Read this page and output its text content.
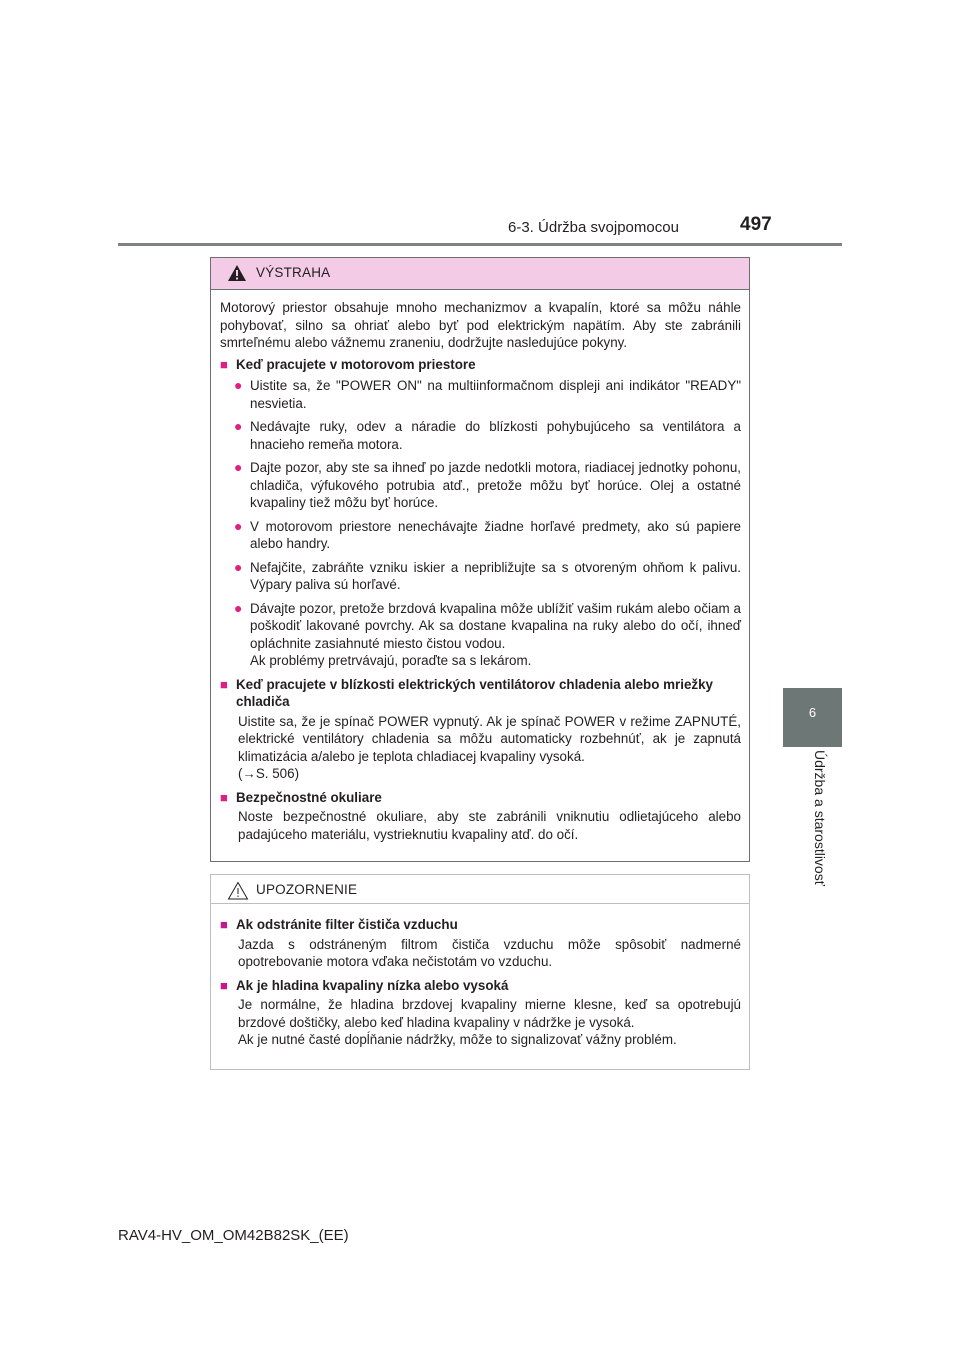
6-3. Údržba svojpomocou	497
6
Údržba a starostlivosť
VÝSTRAHA

Motorový priestor obsahuje mnoho mechanizmov a kvapalín, ktoré sa môžu náhle pohybovať, silno sa ohriať alebo byť pod elektrickým napätím. Aby ste zabránili smrteľnému alebo vážnemu zraneniu, dodržujte nasledujúce pokyny.

■ Keď pracujete v motorovom priestore
● Uistite sa, že "POWER ON" na multiinformačnom displeji ani indikátor "READY" nesvietia.
● Nedávajte ruky, odev a náradie do blízkosti pohybujúceho sa ventilátora a hnacieho remeňa motora.
● Dajte pozor, aby ste sa ihneď po jazde nedotkli motora, riadiacej jednotky pohonu, chladiča, výfukového potrubia atď., pretože môžu byť horúce. Olej a ostatné kvapaliny tiež môžu byť horúce.
● V motorovom priestore nenechávajte žiadne horľavé predmety, ako sú papiere alebo handry.
● Nefajčite, zabráňte vzniku iskier a nepribližujte sa s otvoreným ohňom k palivu. Výpary paliva sú horľavé.
● Dávajte pozor, pretože brzdová kvapalina môže ublížiť vašim rukám alebo očiam a poškodiť lakované povrchy. Ak sa dostane kvapalina na ruky alebo do očí, ihneď opláchnite zasiahnuté miesto čistou vodou.
Ak problémy pretrvávajú, poraďte sa s lekárom.
■ Keď pracujete v blízkosti elektrických ventilátorov chladenia alebo mriežky chladiča
Uistite sa, že je spínač POWER vypnutý. Ak je spínač POWER v režime ZAPNUTÉ, elektrické ventilátory chladenia sa môžu automaticky rozbehnúť, ak je zapnutá klimatizácia a/alebo je teplota chladiacej kvapaliny vysoká.
(→S. 506)
■ Bezpečnostné okuliare
Noste bezpečnostné okuliare, aby ste zabránili vniknutiu odlietajúceho alebo padajúceho materiálu, vystrieknutiu kvapaliny atď. do očí.
UPOZORNENIE
■ Ak odstránite filter čističa vzduchu
Jazda s odstráneným filtrom čističa vzduchu môže spôsobiť nadmerné opotrebovanie motora vďaka nečistotám vo vzduchu.
■ Ak je hladina kvapaliny nízka alebo vysoká
Je normálne, že hladina brzdovej kvapaliny mierne klesne, keď sa opotrebujú brzdové doštičky, alebo keď hladina kvapaliny v nádržke je vysoká.
Ak je nutné časté dopĺňanie nádržky, môže to signalizovať vážny problém.
RAV4-HV_OM_OM42B82SK_(EE)
